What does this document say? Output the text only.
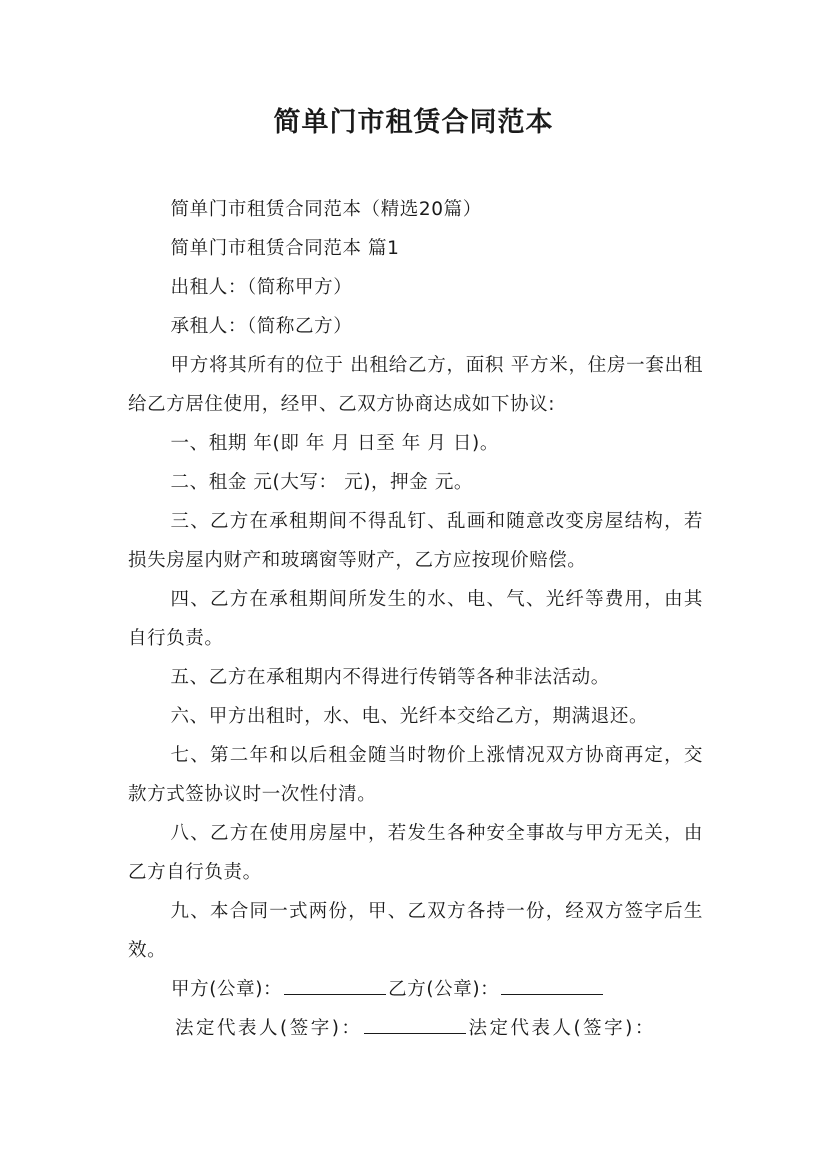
简单门市租赁合同范本

简单门市租赁合同范本（精选20篇）

简单门市租赁合同范本 篇1

出租人：（简称甲方）

承租人：（简称乙方）

甲方将其所有的位于 出租给乙方，面积 平方米，住房一套出租给乙方居住使用，经甲、乙双方协商达成如下协议:

一、租期 年(即 年 月 日至 年 月 日)。

二、租金 元(大写： 元)，押金 元。

三、乙方在承租期间不得乱钉、乱画和随意改变房屋结构，若损失房屋内财产和玻璃窗等财产，乙方应按现价赔偿。

四、乙方在承租期间所发生的水、电、气、光纤等费用，由其自行负责。

五、乙方在承租期内不得进行传销等各种非法活动。

六、甲方出租时，水、电、光纤本交给乙方，期满退还。

七、第二年和以后租金随当时物价上涨情况双方协商再定，交款方式签协议时一次性付清。

八、乙方在使用房屋中，若发生各种安全事故与甲方无关，由乙方自行负责。

九、本合同一式两份，甲、乙双方各持一份，经双方签字后生效。

甲方(公章)：	乙方(公章)：

法定代表人(签字)：	法定代表人(签字)：
